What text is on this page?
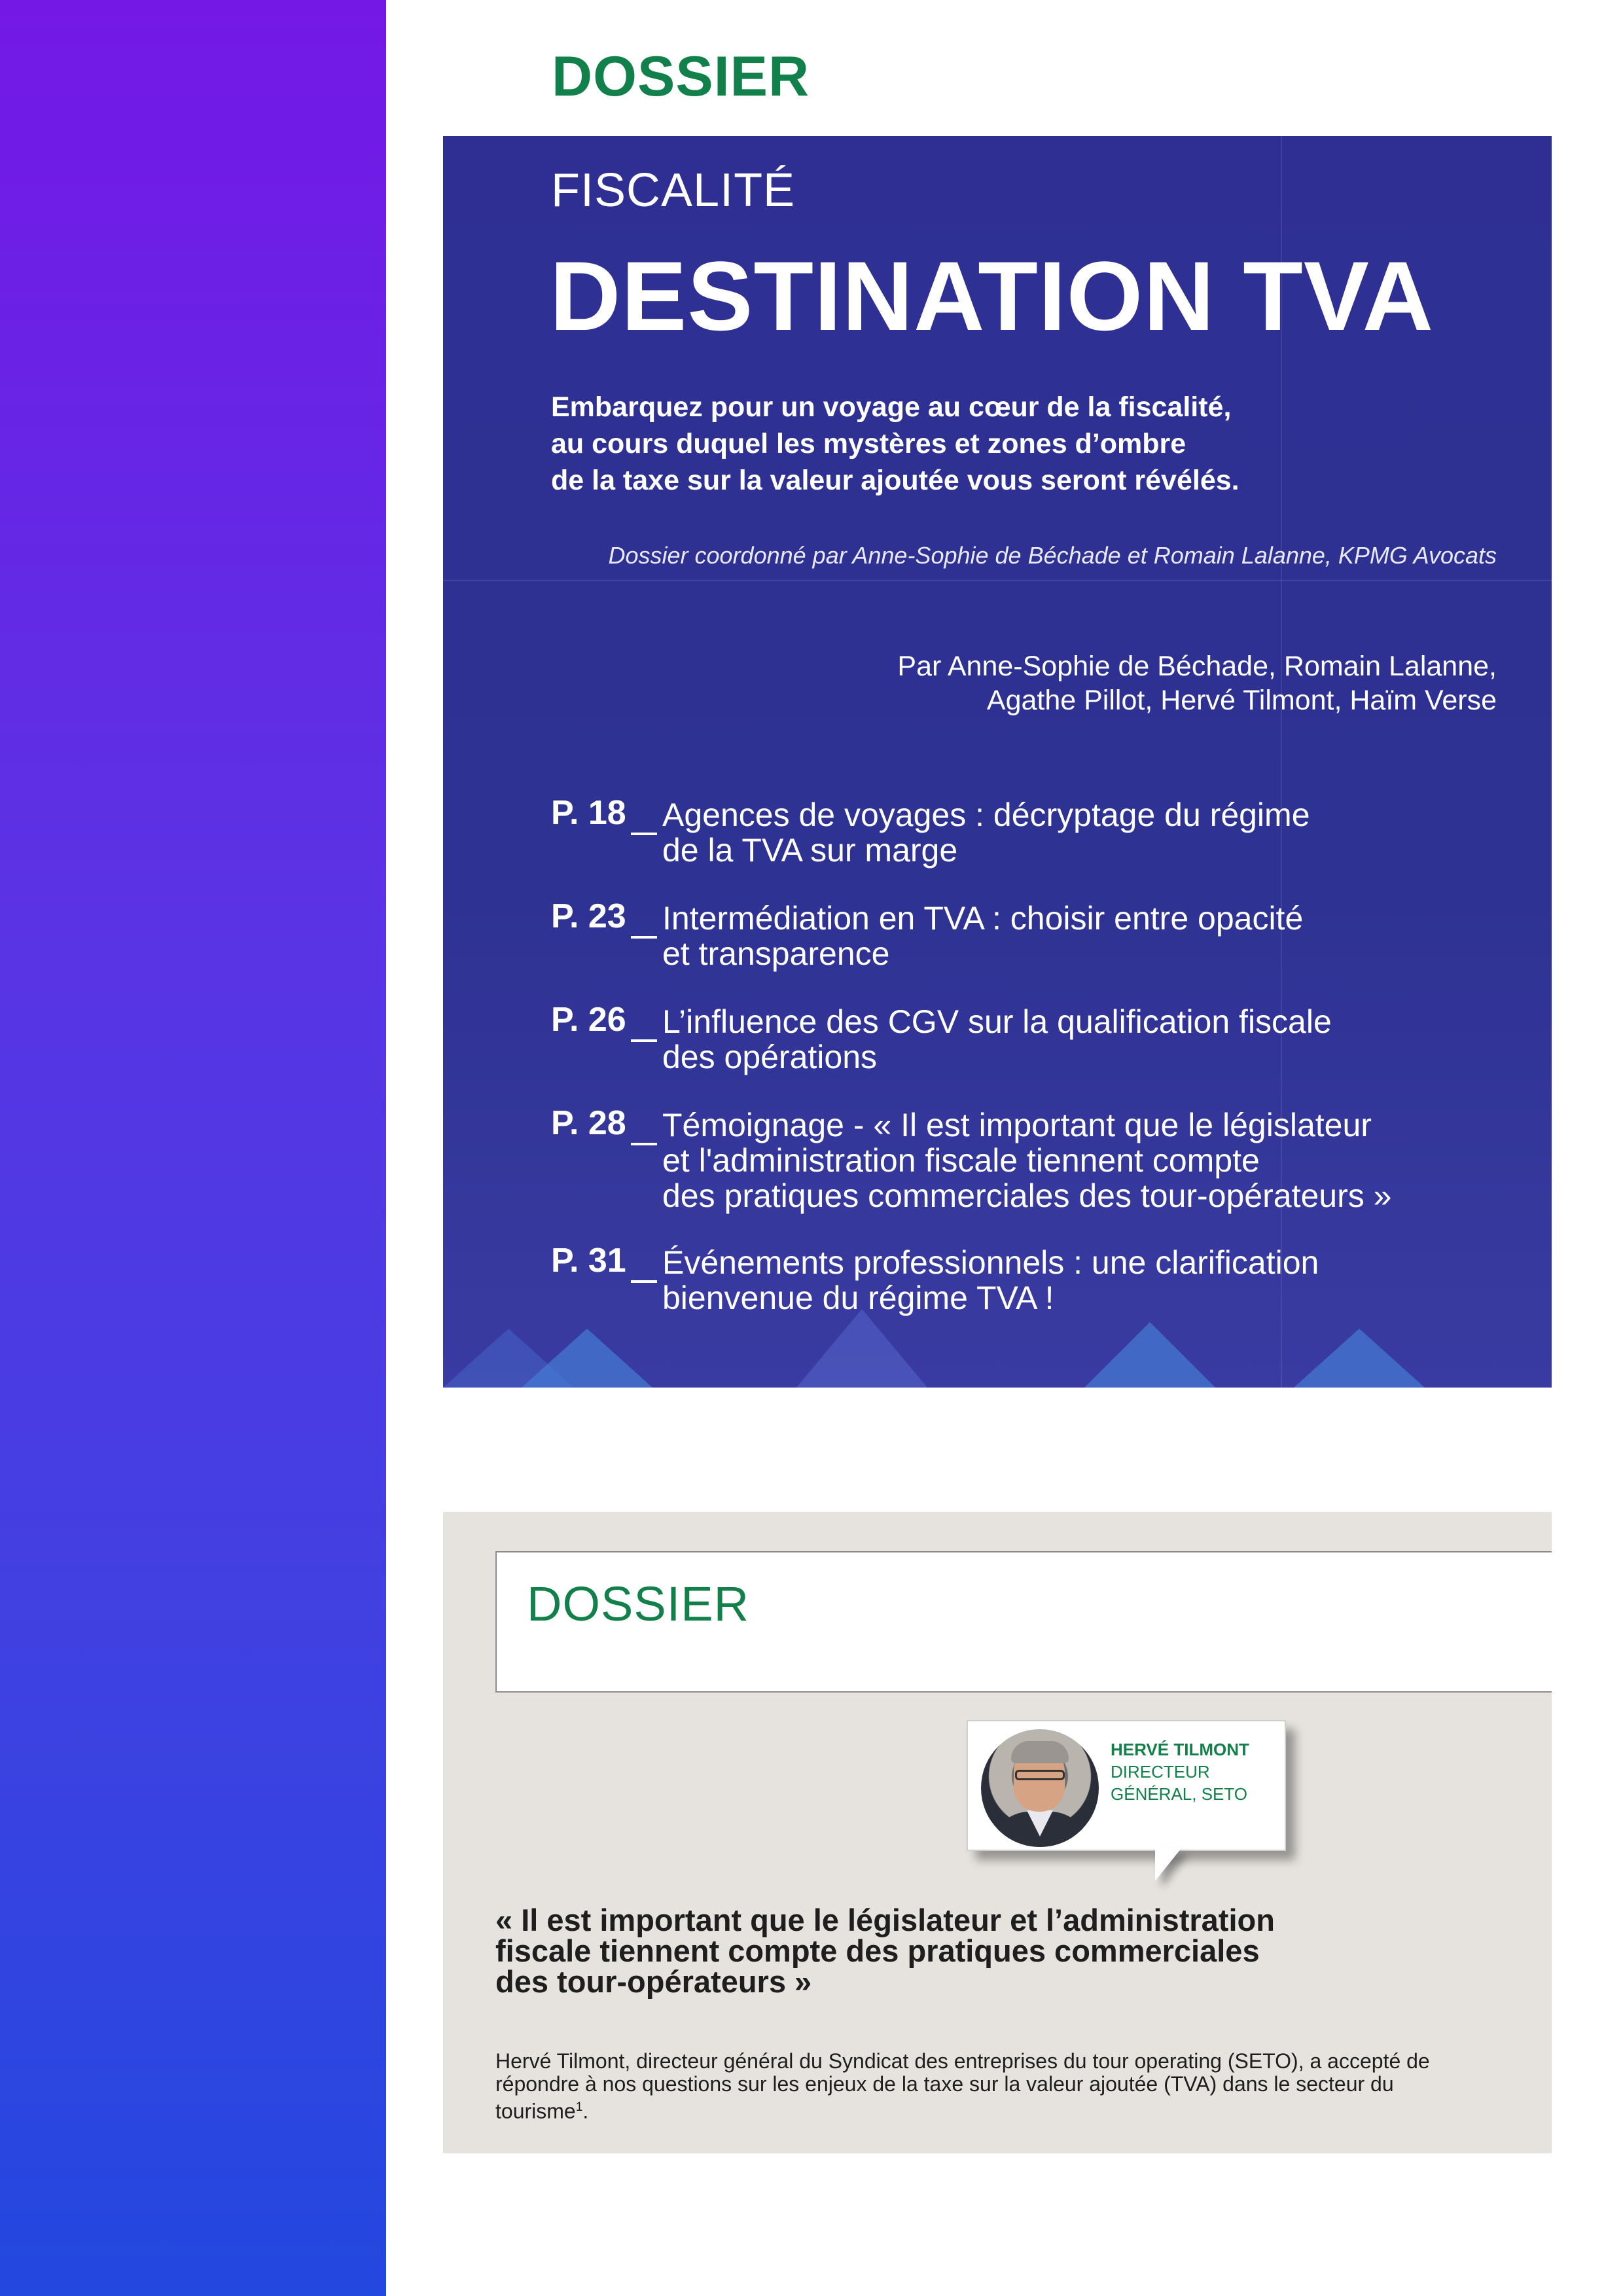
DOSSIER
FISCALITÉ
DESTINATION TVA
Embarquez pour un voyage au cœur de la fiscalité,
au cours duquel les mystères et zones d’ombre
de la taxe sur la valeur ajoutée vous seront révélés.
Dossier coordonné par Anne-Sophie de Béchade et Romain Lalanne, KPMG Avocats
Par Anne-Sophie de Béchade, Romain Lalanne,
Agathe Pillot, Hervé Tilmont, Haïm Verse
P. 18 Agences de voyages : décryptage du régime
de la TVA sur marge
P. 23 Intermédiation en TVA : choisir entre opacité
et transparence
P. 26 L’influence des CGV sur la qualification fiscale
des opérations
P. 28 Témoignage - « Il est important que le législateur
et l'administration fiscale tiennent compte
des pratiques commerciales des tour-opérateurs »
P. 31 Événements professionnels : une clarification
bienvenue du régime TVA !
DOSSIER
HERVÉ TILMONT
DIRECTEUR GÉNÉRAL, SETO
« Il est important que le législateur et l’administration fiscale tiennent compte des pratiques commerciales des tour-opérateurs »
Hervé Tilmont, directeur général du Syndicat des entreprises du tour operating (SETO), a accepté de répondre à nos questions sur les enjeux de la taxe sur la valeur ajoutée (TVA) dans le secteur du tourisme$^1$.
